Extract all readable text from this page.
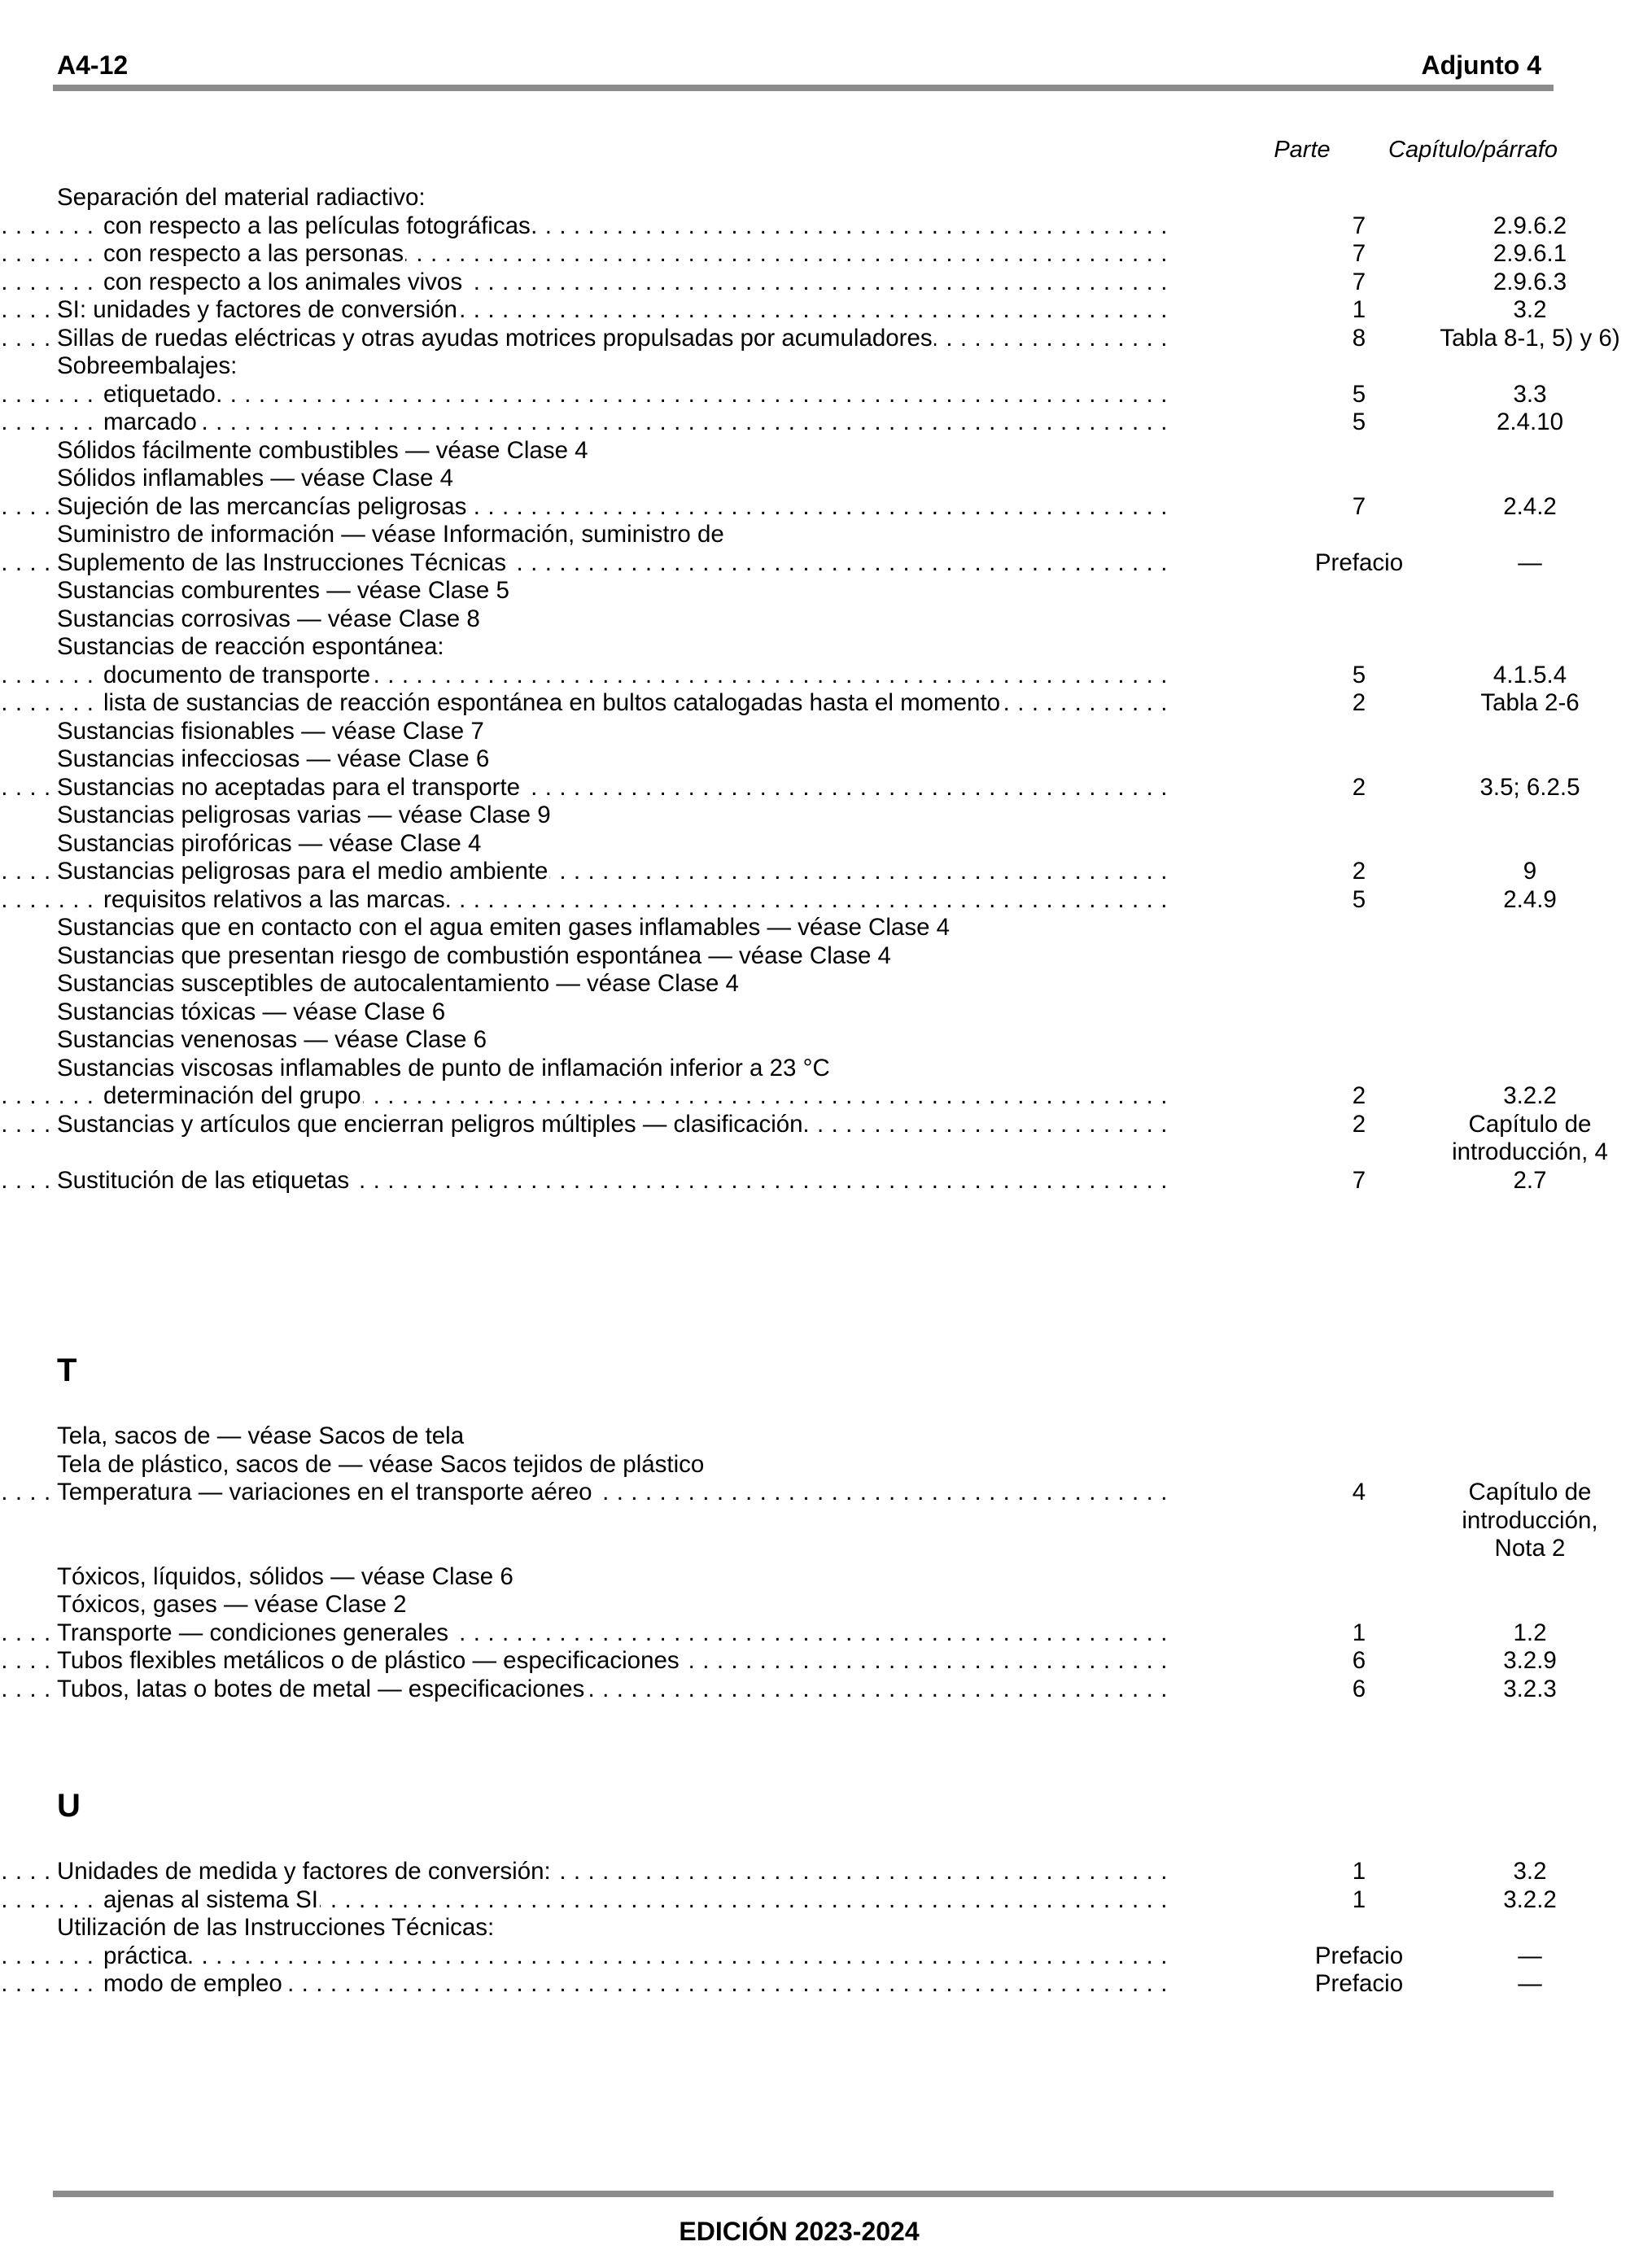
A4-12	Adjunto 4
Parte	Capítulo/párrafo
Separación del material radiactivo:
con respecto a las películas fotográficas . . .	7	2.9.6.2
con respecto a las personas . . .	7	2.9.6.1
con respecto a los animales vivos . . .	7	2.9.6.3
SI: unidades y factores de conversión . . .	1	3.2
Sillas de ruedas eléctricas y otras ayudas motrices propulsadas por acumuladores . . .	8	Tabla 8-1, 5) y 6)
Sobreembalajes:
etiquetado . . .	5	3.3
marcado . . .	5	2.4.10
Sólidos fácilmente combustibles — véase Clase 4
Sólidos inflamables — véase Clase 4
Sujeción de las mercancías peligrosas . . .	7	2.4.2
Suministro de información — véase Información, suministro de
Suplemento de las Instrucciones Técnicas . . .	Prefacio	—
Sustancias comburentes — véase Clase 5
Sustancias corrosivas — véase Clase 8
Sustancias de reacción espontánea:
documento de transporte . . .	5	4.1.5.4
lista de sustancias de reacción espontánea en bultos catalogadas hasta el momento . . .	2	Tabla 2-6
Sustancias fisionables — véase Clase 7
Sustancias infecciosas — véase Clase 6
Sustancias no aceptadas para el transporte . . .	2	3.5; 6.2.5
Sustancias peligrosas varias — véase Clase 9
Sustancias pirofóricas — véase Clase 4
Sustancias peligrosas para el medio ambiente . . .	2	9
requisitos relativos a las marcas . . .	5	2.4.9
Sustancias que en contacto con el agua emiten gases inflamables — véase Clase 4
Sustancias que presentan riesgo de combustión espontánea — véase Clase 4
Sustancias susceptibles de autocalentamiento — véase Clase 4
Sustancias tóxicas — véase Clase 6
Sustancias venenosas — véase Clase 6
Sustancias viscosas inflamables de punto de inflamación inferior a 23 °C
determinación del grupo . . .	2	3.2.2
Sustancias y artículos que encierran peligros múltiples — clasificación . . .	2	Capítulo de
introducción, 4
Sustitución de las etiquetas . . .	7	2.7
T
Tela, sacos de — véase Sacos de tela
Tela de plástico, sacos de — véase Sacos tejidos de plástico
Temperatura — variaciones en el transporte aéreo . . .	4	Capítulo de
introducción,
Nota 2
Tóxicos, líquidos, sólidos — véase Clase 6
Tóxicos, gases — véase Clase 2
Transporte — condiciones generales . . .	1	1.2
Tubos flexibles metálicos o de plástico — especificaciones . . .	6	3.2.9
Tubos, latas o botes de metal — especificaciones . . .	6	3.2.3
U
Unidades de medida y factores de conversión: . . .	1	3.2
ajenas al sistema SI . . .	1	3.2.2
Utilización de las Instrucciones Técnicas:
práctica . . .	Prefacio	—
modo de empleo . . .	Prefacio	—
EDICIÓN 2023-2024
